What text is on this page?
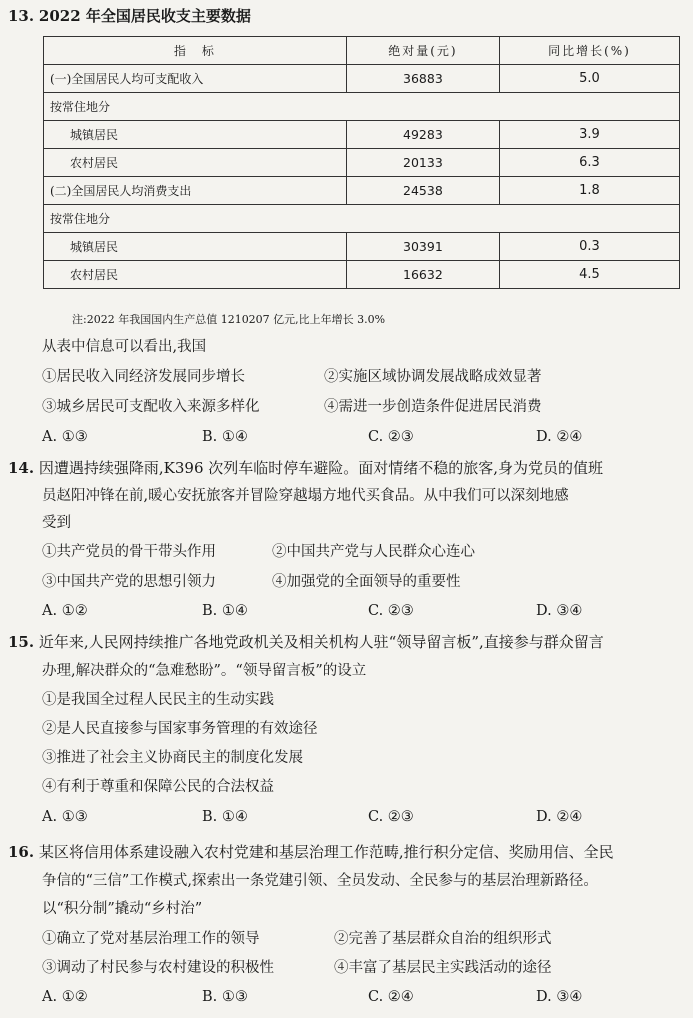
13. 2022 年全国居民收支主要数据
指　标	绝对量(元)	同比增长(%)
(一)全国居民人均可支配收入	36883	5.0
按常住地分		
城镇居民	49283	3.9
农村居民	20133	6.3
(二)全国居民人均消费支出	24538	1.8
按常住地分		
城镇居民	30391	0.3
农村居民	16632	4.5
注:2022 年我国国内生产总值 1210207 亿元,比上年增长 3.0%
从表中信息可以看出,我国
①居民收入同经济发展同步增长	②实施区域协调发展战略成效显著
③城乡居民可支配收入来源多样化	④需进一步创造条件促进居民消费
A. ①③	B. ①④	C. ②③	D. ②④
14. 因遭遇持续强降雨,K396 次列车临时停车避险。面对情绪不稳的旅客,身为党员的值班
员赵阳冲锋在前,暖心安抚旅客并冒险穿越塌方地代买食品。从中我们可以深刻地感
受到
①共产党员的骨干带头作用	②中国共产党与人民群众心连心
③中国共产党的思想引领力	④加强党的全面领导的重要性
A. ①②	B. ①④	C. ②③	D. ③④
15. 近年来,人民网持续推广各地党政机关及相关机构人驻“领导留言板”,直接参与群众留言
办理,解决群众的“急难愁盼”。“领导留言板”的设立
①是我国全过程人民民主的生动实践
②是人民直接参与国家事务管理的有效途径
③推进了社会主义协商民主的制度化发展
④有利于尊重和保障公民的合法权益
A. ①③	B. ①④	C. ②③	D. ②④
16. 某区将信用体系建设融入农村党建和基层治理工作范畴,推行积分定信、奖励用信、全民
争信的“三信”工作模式,探索出一条党建引领、全员发动、全民参与的基层治理新路径。
以“积分制”撬动“乡村治”
①确立了党对基层治理工作的领导	②完善了基层群众自治的组织形式
③调动了村民参与农村建设的积极性	④丰富了基层民主实践活动的途径
A. ①②	B. ①③	C. ②④	D. ③④
